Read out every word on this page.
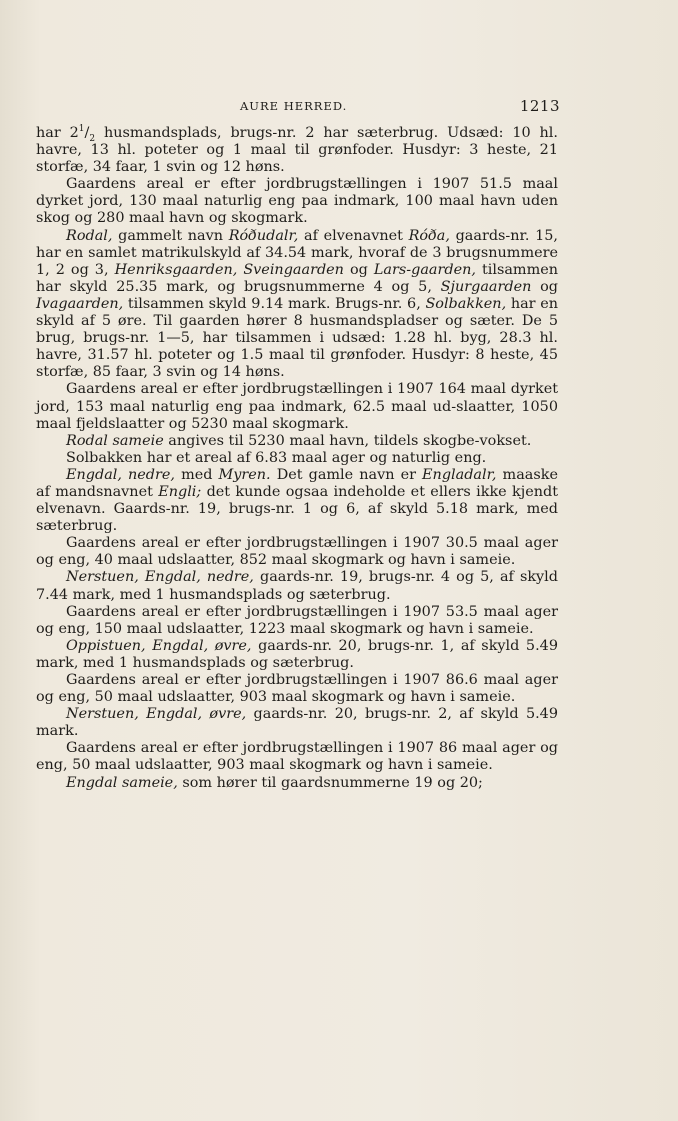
AURE HERRED.	1213

har $2^1/_2$ husmandsplads, brugs-nr. 2 har sæterbrug. Udsæd: 10 hl. havre, 13 hl. poteter og 1 maal til grønfoder. Husdyr: 3 heste, 21 storfæ, 34 faar, 1 svin og 12 høns.

Gaardens areal er efter jordbrugstællingen i 1907 51.5 maal dyrket jord, 130 maal naturlig eng paa indmark, 100 maal havn uden skog og 280 maal havn og skogmark.

Rodal, gammelt navn Róðudalr, af elvenavnet Róða, gaards-nr. 15, har en samlet matrikulskyld af 34.54 mark, hvoraf de 3 brugsnummere 1, 2 og 3, Henriksgaarden, Sveingaarden og Lars-gaarden, tilsammen har skyld 25.35 mark, og brugsnummerne 4 og 5, Sjurgaarden og Ivagaarden, tilsammen skyld 9.14 mark. Brugs-nr. 6, Solbakken, har en skyld af 5 øre. Til gaarden hører 8 husmandspladser og sæter. De 5 brug, brugs-nr. 1—5, har tilsammen i udsæd: 1.28 hl. byg, 28.3 hl. havre, 31.57 hl. poteter og 1.5 maal til grønfoder. Husdyr: 8 heste, 45 storfæ, 85 faar, 3 svin og 14 høns.

Gaardens areal er efter jordbrugstællingen i 1907 164 maal dyrket jord, 153 maal naturlig eng paa indmark, 62.5 maal ud-slaatter, 1050 maal fjeldslaatter og 5230 maal skogmark.

Rodal sameie angives til 5230 maal havn, tildels skogbe-vokset.

Solbakken har et areal af 6.83 maal ager og naturlig eng.

Engdal, nedre, med Myren. Det gamle navn er Engladalr, maaske af mandsnavnet Engli; det kunde ogsaa indeholde et ellers ikke kjendt elvenavn. Gaards-nr. 19, brugs-nr. 1 og 6, af skyld 5.18 mark, med sæterbrug.

Gaardens areal er efter jordbrugstællingen i 1907 30.5 maal ager og eng, 40 maal udslaatter, 852 maal skogmark og havn i sameie.

Nerstuen, Engdal, nedre, gaards-nr. 19, brugs-nr. 4 og 5, af skyld 7.44 mark, med 1 husmandsplads og sæterbrug.

Gaardens areal er efter jordbrugstællingen i 1907 53.5 maal ager og eng, 150 maal udslaatter, 1223 maal skogmark og havn i sameie.

Oppistuen, Engdal, øvre, gaards-nr. 20, brugs-nr. 1, af skyld 5.49 mark, med 1 husmandsplads og sæterbrug.

Gaardens areal er efter jordbrugstællingen i 1907 86.6 maal ager og eng, 50 maal udslaatter, 903 maal skogmark og havn i sameie.

Nerstuen, Engdal, øvre, gaards-nr. 20, brugs-nr. 2, af skyld 5.49 mark.

Gaardens areal er efter jordbrugstællingen i 1907 86 maal ager og eng, 50 maal udslaatter, 903 maal skogmark og havn i sameie.

Engdal sameie, som hører til gaardsnummerne 19 og 20;
